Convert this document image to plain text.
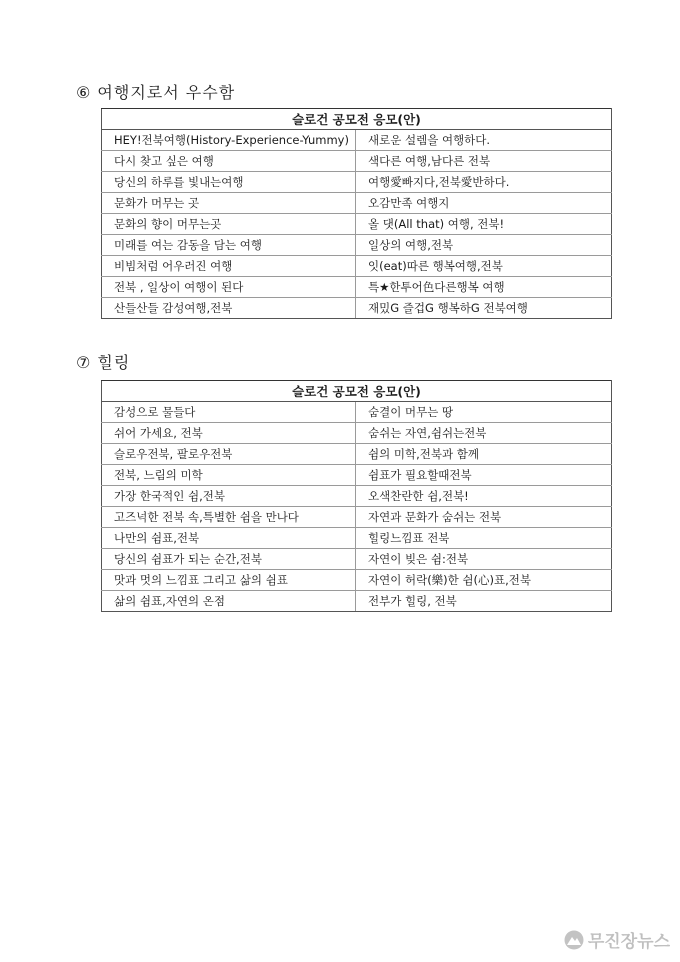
⑥ 여행지로서 우수함
슬로건 공모전 응모(안)	
HEY!전북여행(History-Experience-Yummy)	새로운 설렘을 여행하다.
다시 찾고 싶은 여행	색다른 여행,남다른 전북
당신의 하루를 빛내는여행	여행愛빠지다,전북愛반하다.
문화가 머무는 곳	오감만족 여행지
문화의 향이 머무는곳	올 댓(All that) 여행, 전북!
미래를 여는 감동을 담는 여행	일상의 여행,전북
비빔처럼 어우러진 여행	잇(eat)따른 행복여행,전북
전북 , 일상이 여행이 된다	특★한투어色다른행복 여행
산들산들 감성여행,전북	재밌G 즐겁G 행복하G 전북여행
⑦ 힐링
슬로건 공모전 응모(안)	
감성으로 물들다	숨결이 머무는 땅
쉬어 가세요, 전북	숨쉬는 자연,쉼쉬는전북
슬로우전북, 팔로우전북	쉼의 미학,전북과 함께
전북, 느림의 미학	쉼표가 필요할때전북
가장 한국적인 쉼,전북	오색찬란한 쉼,전북!
고즈넉한 전북 속,특별한 쉼을 만나다	자연과 문화가 숨쉬는 전북
나만의 쉼표,전북	힐링느낌표 전북
당신의 쉼표가 되는 순간,전북	자연이 빚은 쉼:전북
맛과 멋의 느낌표 그리고 삶의 쉼표	자연이 허락(樂)한 쉼(心)표,전북
삶의 쉼표,자연의 온점	전부가 힐링, 전북
무진장뉴스
